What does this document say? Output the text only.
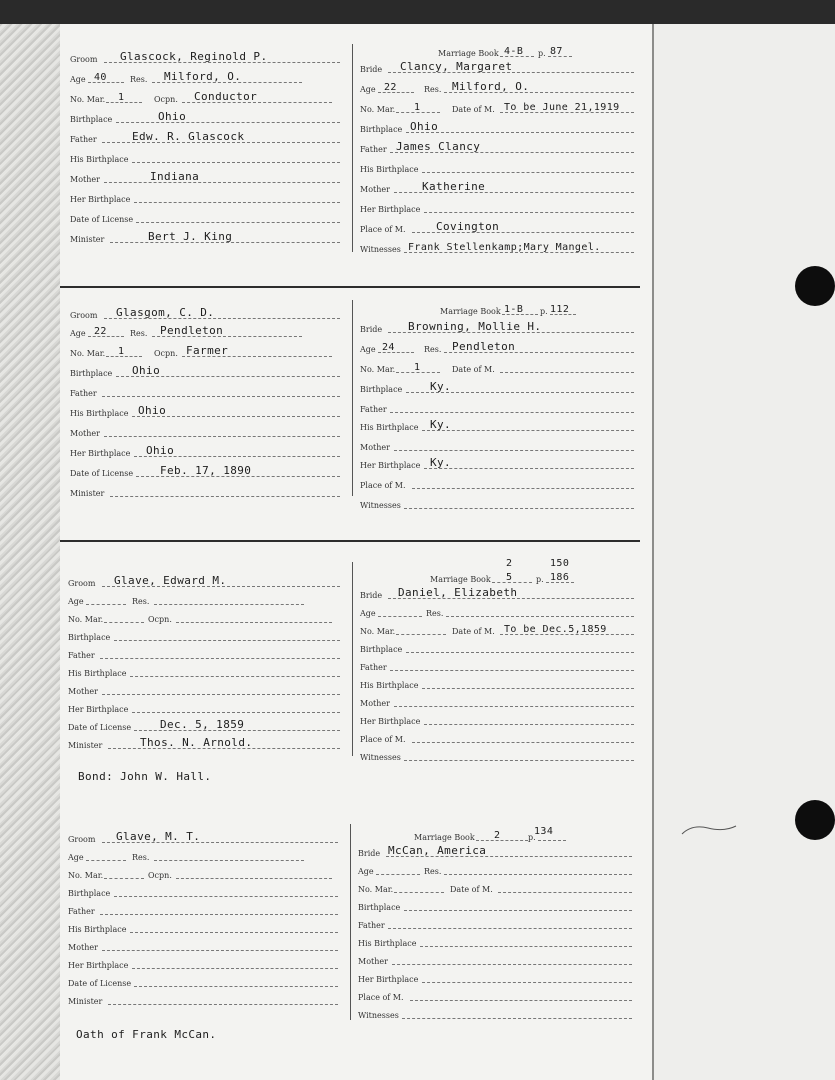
Groom Glascock, Reginold P.
Age 40	Res. Milford, O.
No. Mar. 1	Ocpn. Conductor
Birthplace	Ohio
Father	Edw. R. Glascock
His Birthplace
Mother	Indiana
Her Birthplace
Date of License
Minister	Bert J. King
Marriage Book 4-B p. 87
Bride Clancy, Margaret
Age 22	Res. Milford, O.
No. Mar. 1	Date of M. To be June 21,1919
Birthplace Ohio
Father James Clancy
His Birthplace
Mother	Katherine
Her Birthplace
Place of M.	Covington
Witnesses Frank Stellenkamp;Mary Mangel.
Groom Glasgom, C. D.
Age 22	Res. Pendleton
No. Mar. 1	Ocpn. Farmer
Birthplace Ohio
Father
His Birthplace Ohio
Mother
Her Birthplace Ohio
Date of License Feb. 17, 1890
Minister
Marriage Book 1-B p. 112
Bride Browning, Mollie H.
Age 24	Res. Pendleton
No. Mar. 1	Date of M.
Birthplace	Ky.
Father
His Birthplace Ky.
Mother
Her Birthplace Ky.
Place of M.
Witnesses
Groom Glave, Edward M.
Age	Res.
No. Mar.	Ocpn.
Birthplace
Father
His Birthplace
Mother
Her Birthplace
Date of License	Dec. 5, 1859
Minister	Thos. N. Arnold.
Bond: John W. Hall.
2	150
Marriage Book 5	p. 186
Bride Daniel, Elizabeth
Age	Res.
No. Mar.	Date of M. To be Dec.5,1859
Birthplace
Father
His Birthplace
Mother
Her Birthplace
Place of M.
Witnesses
Groom Glave, M. T.
Age	Res.
No. Mar.	Ocpn.
Birthplace
Father
His Birthplace
Mother
Her Birthplace
Date of License
Minister
Oath of Frank McCan.
Marriage Book 2	p.
134
Bride McCan, America
Age	Res.
No. Mar.	Date of M.
Birthplace
Father
His Birthplace
Mother
Her Birthplace
Place of M.
Witnesses
